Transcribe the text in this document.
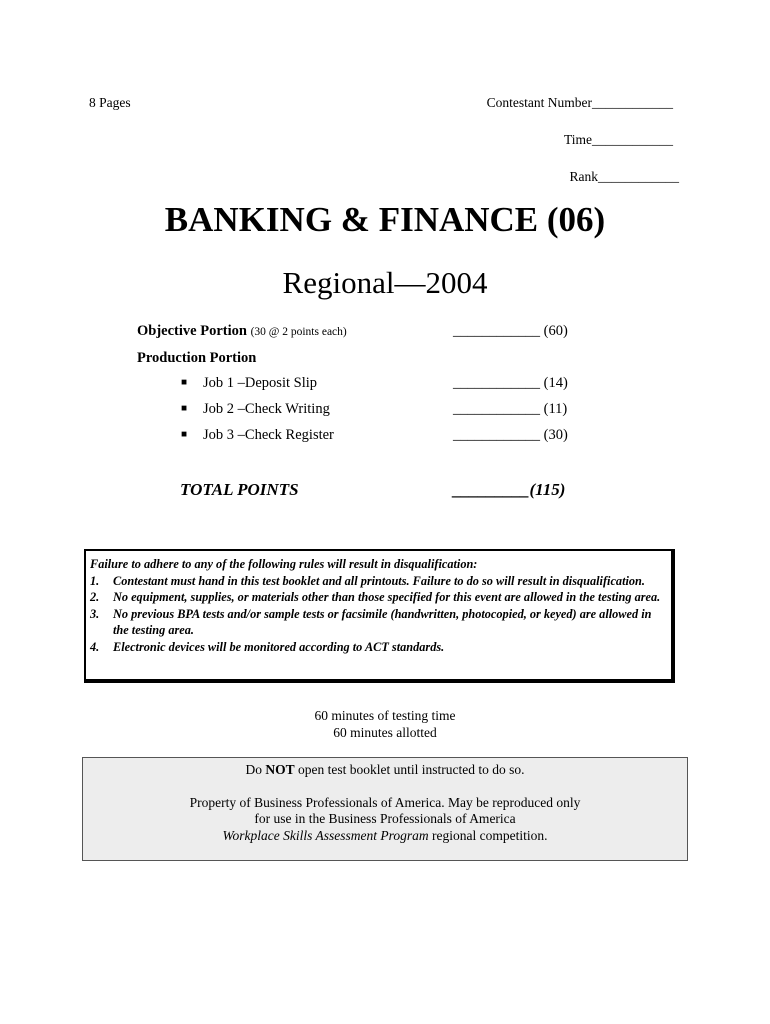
8 Pages	Contestant Number____________
Time____________
Rank____________
BANKING & FINANCE (06)
Regional—2004
Objective Portion (30 @ 2 points each)	____________ (60)
Production Portion
■ Job 1 –Deposit Slip	____________ (14)
■ Job 2 –Check Writing	____________ (11)
■ Job 3 –Check Register	____________ (30)
TOTAL POINTS	_________(115)
Failure to adhere to any of the following rules will result in disqualification:
1. Contestant must hand in this test booklet and all printouts. Failure to do so will result in disqualification.
2. No equipment, supplies, or materials other than those specified for this event are allowed in the testing area.
3. No previous BPA tests and/or sample tests or facsimile (handwritten, photocopied, or keyed) are allowed in the testing area.
4. Electronic devices will be monitored according to ACT standards.
60 minutes of testing time
60 minutes allotted

Do NOT open test booklet until instructed to do so.

Property of Business Professionals of America. May be reproduced only

for use in the Business Professionals of America

Workplace Skills Assessment Program regional competition.
